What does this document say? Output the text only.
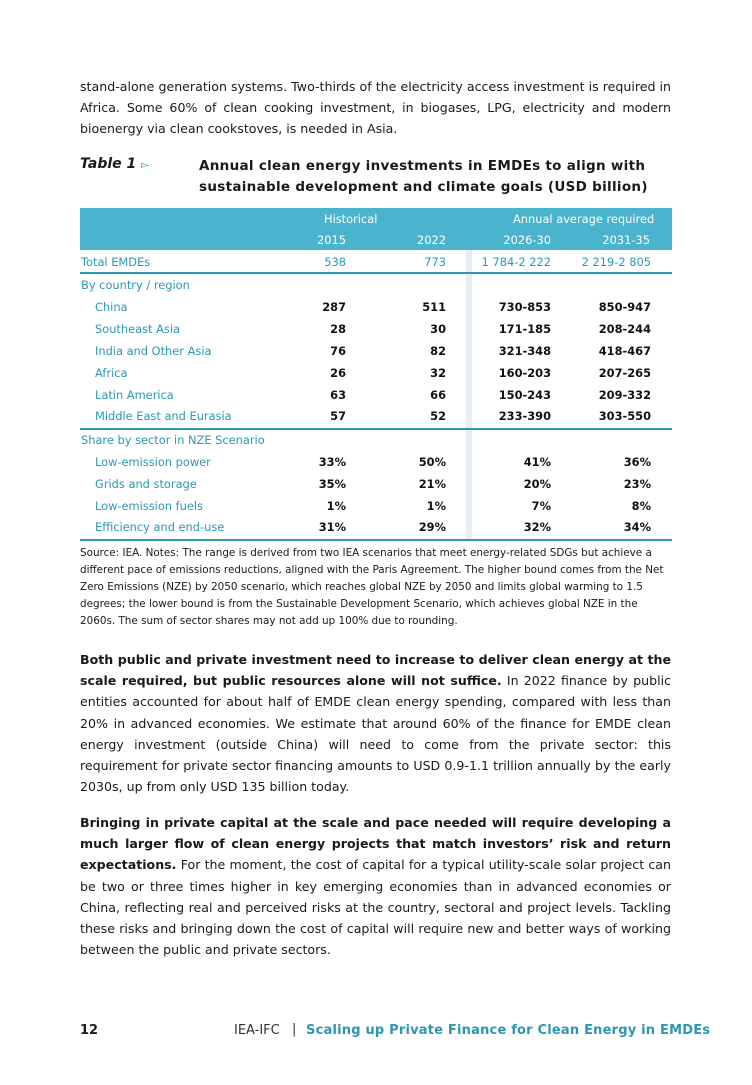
stand-alone generation systems. Two-thirds of the electricity access investment is required in Africa. Some 60% of clean cooking investment, in biogases, LPG, electricity and modern bioenergy via clean cookstoves, is needed in Asia.

Table 1 ▻	Annual clean energy investments in EMDEs to align with sustainable development and climate goals (USD billion)
Historical	Annual average required
2015	2022	2026-30	2031-35
Total EMDEs	538	773	1 784-2 222	2 219-2 805
By country / region
China	287	511	730-853	850-947
Southeast Asia	28	30	171-185	208-244
India and Other Asia	76	82	321-348	418-467
Africa	26	32	160-203	207-265
Latin America	63	66	150-243	209-332
Middle East and Eurasia	57	52	233-390	303-550
Share by sector in NZE Scenario
Low-emission power	33%	50%	41%	36%
Grids and storage	35%	21%	20%	23%
Low-emission fuels	1%	1%	7%	8%
Efficiency and end-use	31%	29%	32%	34%

Source: IEA. Notes: The range is derived from two IEA scenarios that meet energy-related SDGs but achieve a different pace of emissions reductions, aligned with the Paris Agreement. The higher bound comes from the Net Zero Emissions (NZE) by 2050 scenario, which reaches global NZE by 2050 and limits global warming to 1.5 degrees; the lower bound is from the Sustainable Development Scenario, which achieves global NZE in the 2060s. The sum of sector shares may not add up 100% due to rounding.

Both public and private investment need to increase to deliver clean energy at the scale required, but public resources alone will not suffice. In 2022 finance by public entities accounted for about half of EMDE clean energy spending, compared with less than 20% in advanced economies. We estimate that around 60% of the finance for EMDE clean energy investment (outside China) will need to come from the private sector: this requirement for private sector financing amounts to USD 0.9-1.1 trillion annually by the early 2030s, up from only USD 135 billion today.

Bringing in private capital at the scale and pace needed will require developing a much larger flow of clean energy projects that match investors’ risk and return expectations. For the moment, the cost of capital for a typical utility-scale solar project can be two or three times higher in key emerging economies than in advanced economies or China, reflecting real and perceived risks at the country, sectoral and project levels. Tackling these risks and bringing down the cost of capital will require new and better ways of working between the public and private sectors.

12	IEA-IFC | Scaling up Private Finance for Clean Energy in EMDEs
